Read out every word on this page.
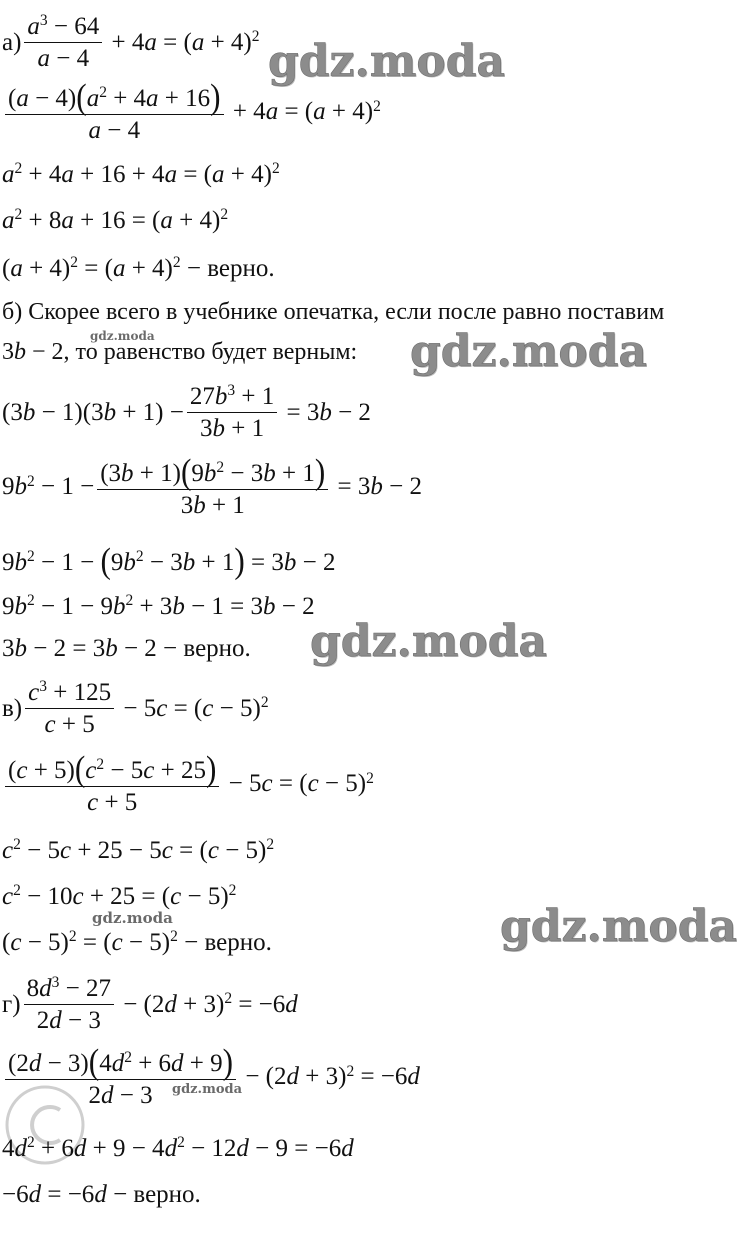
gdz.moda
gdz.moda
gdz.moda
gdz.moda
gdz.moda
gdz.moda
gdz.moda
$а) \frac{a^3 - 64}{a - 4} + 4a = (a + 4)^2$
$\frac{(a - 4)(a^2 + 4a + 16)}{a - 4} + 4a = (a + 4)^2$
$a^2 + 4a + 16 + 4a = (a + 4)^2$
$a^2 + 8a + 16 = (a + 4)^2$
$(a + 4)^2 = (a + 4)^2$ − верно.
б) Скорее всего в учебнике опечатка, если после равно поставим
3b − 2, то равенство будет верным:
$(3b - 1)(3b + 1) - \frac{27b^3 + 1}{3b + 1} = 3b - 2$
$9b^2 - 1 - \frac{(3b + 1)(9b^2 - 3b + 1)}{3b + 1} = 3b - 2$
$9b^2 - 1 - (9b^2 - 3b + 1) = 3b - 2$
$9b^2 - 1 - 9b^2 + 3b - 1 = 3b - 2$
3b − 2 = 3b − 2 − верно.
$в) \frac{c^3 + 125}{c + 5} - 5c = (c - 5)^2$
$\frac{(c + 5)(c^2 - 5c + 25)}{c + 5} - 5c = (c - 5)^2$
$c^2 - 5c + 25 - 5c = (c - 5)^2$
$c^2 - 10c + 25 = (c - 5)^2$
$(c - 5)^2 = (c - 5)^2$ − верно.
$г) \frac{8d^3 - 27}{2d - 3} - (2d + 3)^2 = -6d$
$\frac{(2d - 3)(4d^2 + 6d + 9)}{2d - 3} - (2d + 3)^2 = -6d$
$4d^2 + 6d + 9 - 4d^2 - 12d - 9 = -6d$
−6d = −6d − верно.
